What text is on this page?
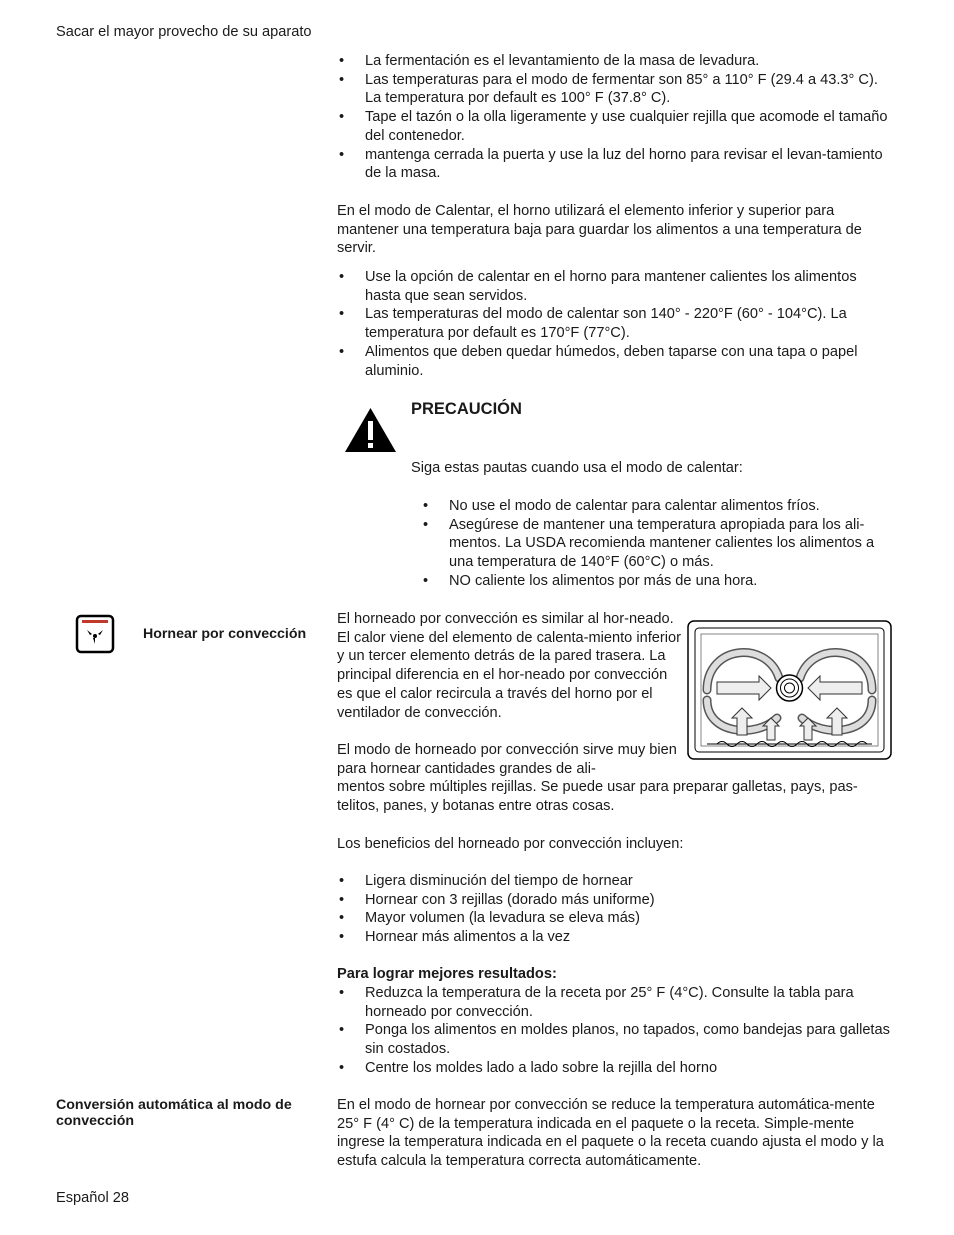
Sacar el mayor provecho de su aparato
• La fermentación es el levantamiento de la masa de levadura.
• Las temperaturas para el modo de fermentar son 85° a 110° F (29.4 a 43.3° C). La temperatura por default es 100° F (37.8° C).
• Tape el tazón o la olla ligeramente y use cualquier rejilla que acomode el tamaño del contenedor.
• mantenga cerrada la puerta y use la luz del horno para revisar el levan-tamiento de la masa.

En el modo de Calentar, el horno utilizará el elemento inferior y superior para mantener una temperatura baja para guardar los alimentos a una temperatura de servir.

• Use la opción de calentar en el horno para mantener calientes los alimentos hasta que sean servidos.
• Las temperaturas del modo de calentar son 140° - 220°F (60° - 104°C). La temperatura por default es 170°F (77°C).
• Alimentos que deben quedar húmedos, deben taparse con una tapa o papel aluminio.
PRECAUCIÓN
Siga estas pautas cuando usa el modo de calentar:
• No use el modo de calentar para calentar alimentos fríos.
• Asegúrese de mantener una temperatura apropiada para los ali-mentos. La USDA recomienda mantener calientes los alimentos a una temperatura de 140°F (60°C) o más.
• NO caliente los alimentos por más de una hora.
Hornear por convección

El horneado por convección es similar al hor-neado. El calor viene del elemento de calenta-miento inferior y un tercer elemento detrás de la pared trasera. La principal diferencia en el hor-neado por convección es que el calor recircula a través del horno por el ventilador de convección.

El modo de horneado por convección sirve muy bien para hornear cantidades grandes de ali-

mentos sobre múltiples rejillas. Se puede usar para preparar galletas, pays, pas-telitos, panes, y botanas entre otras cosas.

Los beneficios del horneado por convección incluyen:

• Ligera disminución del tiempo de hornear
• Hornear con 3 rejillas (dorado más uniforme)
• Mayor volumen (la levadura se eleva más)
• Hornear más alimentos a la vez

Para lograr mejores resultados:

• Reduzca la temperatura de la receta por 25° F (4°C). Consulte la tabla para horneado por convección.
• Ponga los alimentos en moldes planos, no tapados, como bandejas para galletas sin costados.
• Centre los moldes lado a lado sobre la rejilla del horno
Conversión automática al modo de convección

En el modo de hornear por convección se reduce la temperatura automática-mente 25° F (4° C) de la temperatura indicada en el paquete o la receta. Simple-mente ingrese la temperatura indicada en el paquete o la receta cuando ajusta el modo y la estufa calcula la temperatura correcta automáticamente.

Español 28
